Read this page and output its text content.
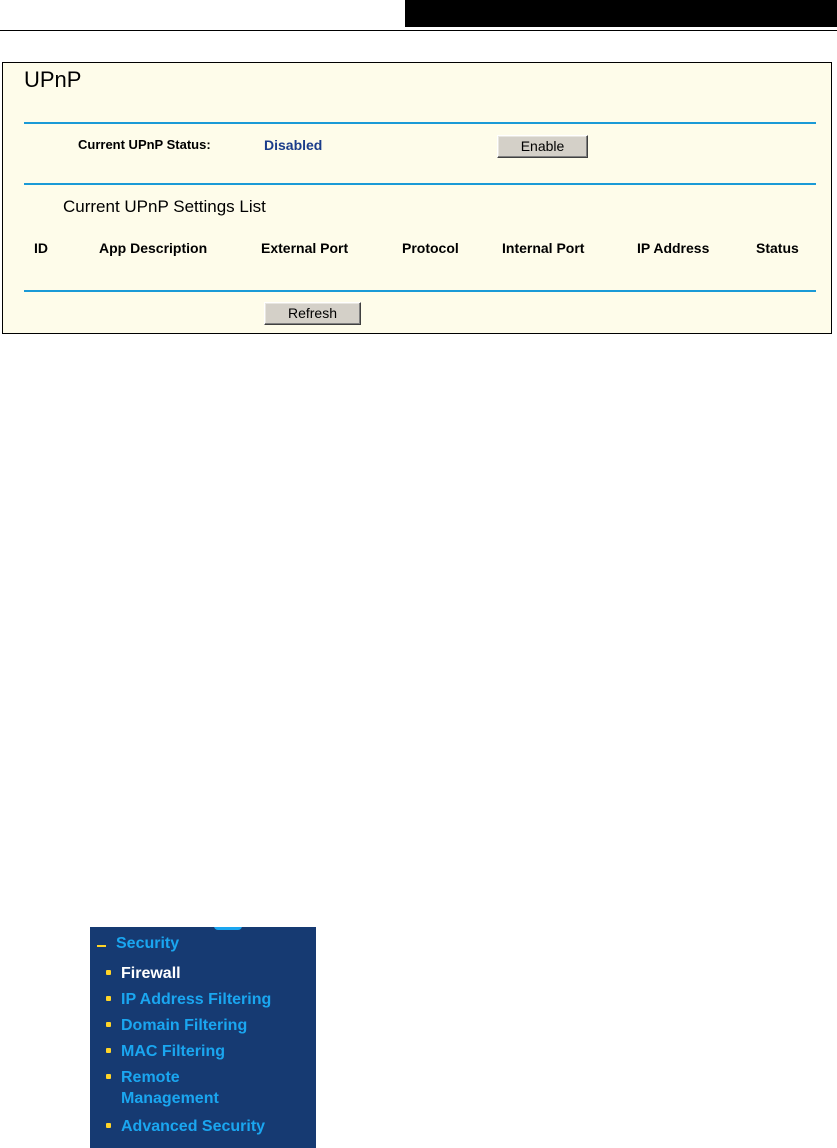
UPnP
Current UPnP Status:	Disabled	Enable
Current UPnP Settings List
ID	App Description	External Port	Protocol	Internal Port	IP Address	Status
Refresh
Security
Firewall
IP Address Filtering
Domain Filtering
MAC Filtering
Remote Management
Advanced Security
